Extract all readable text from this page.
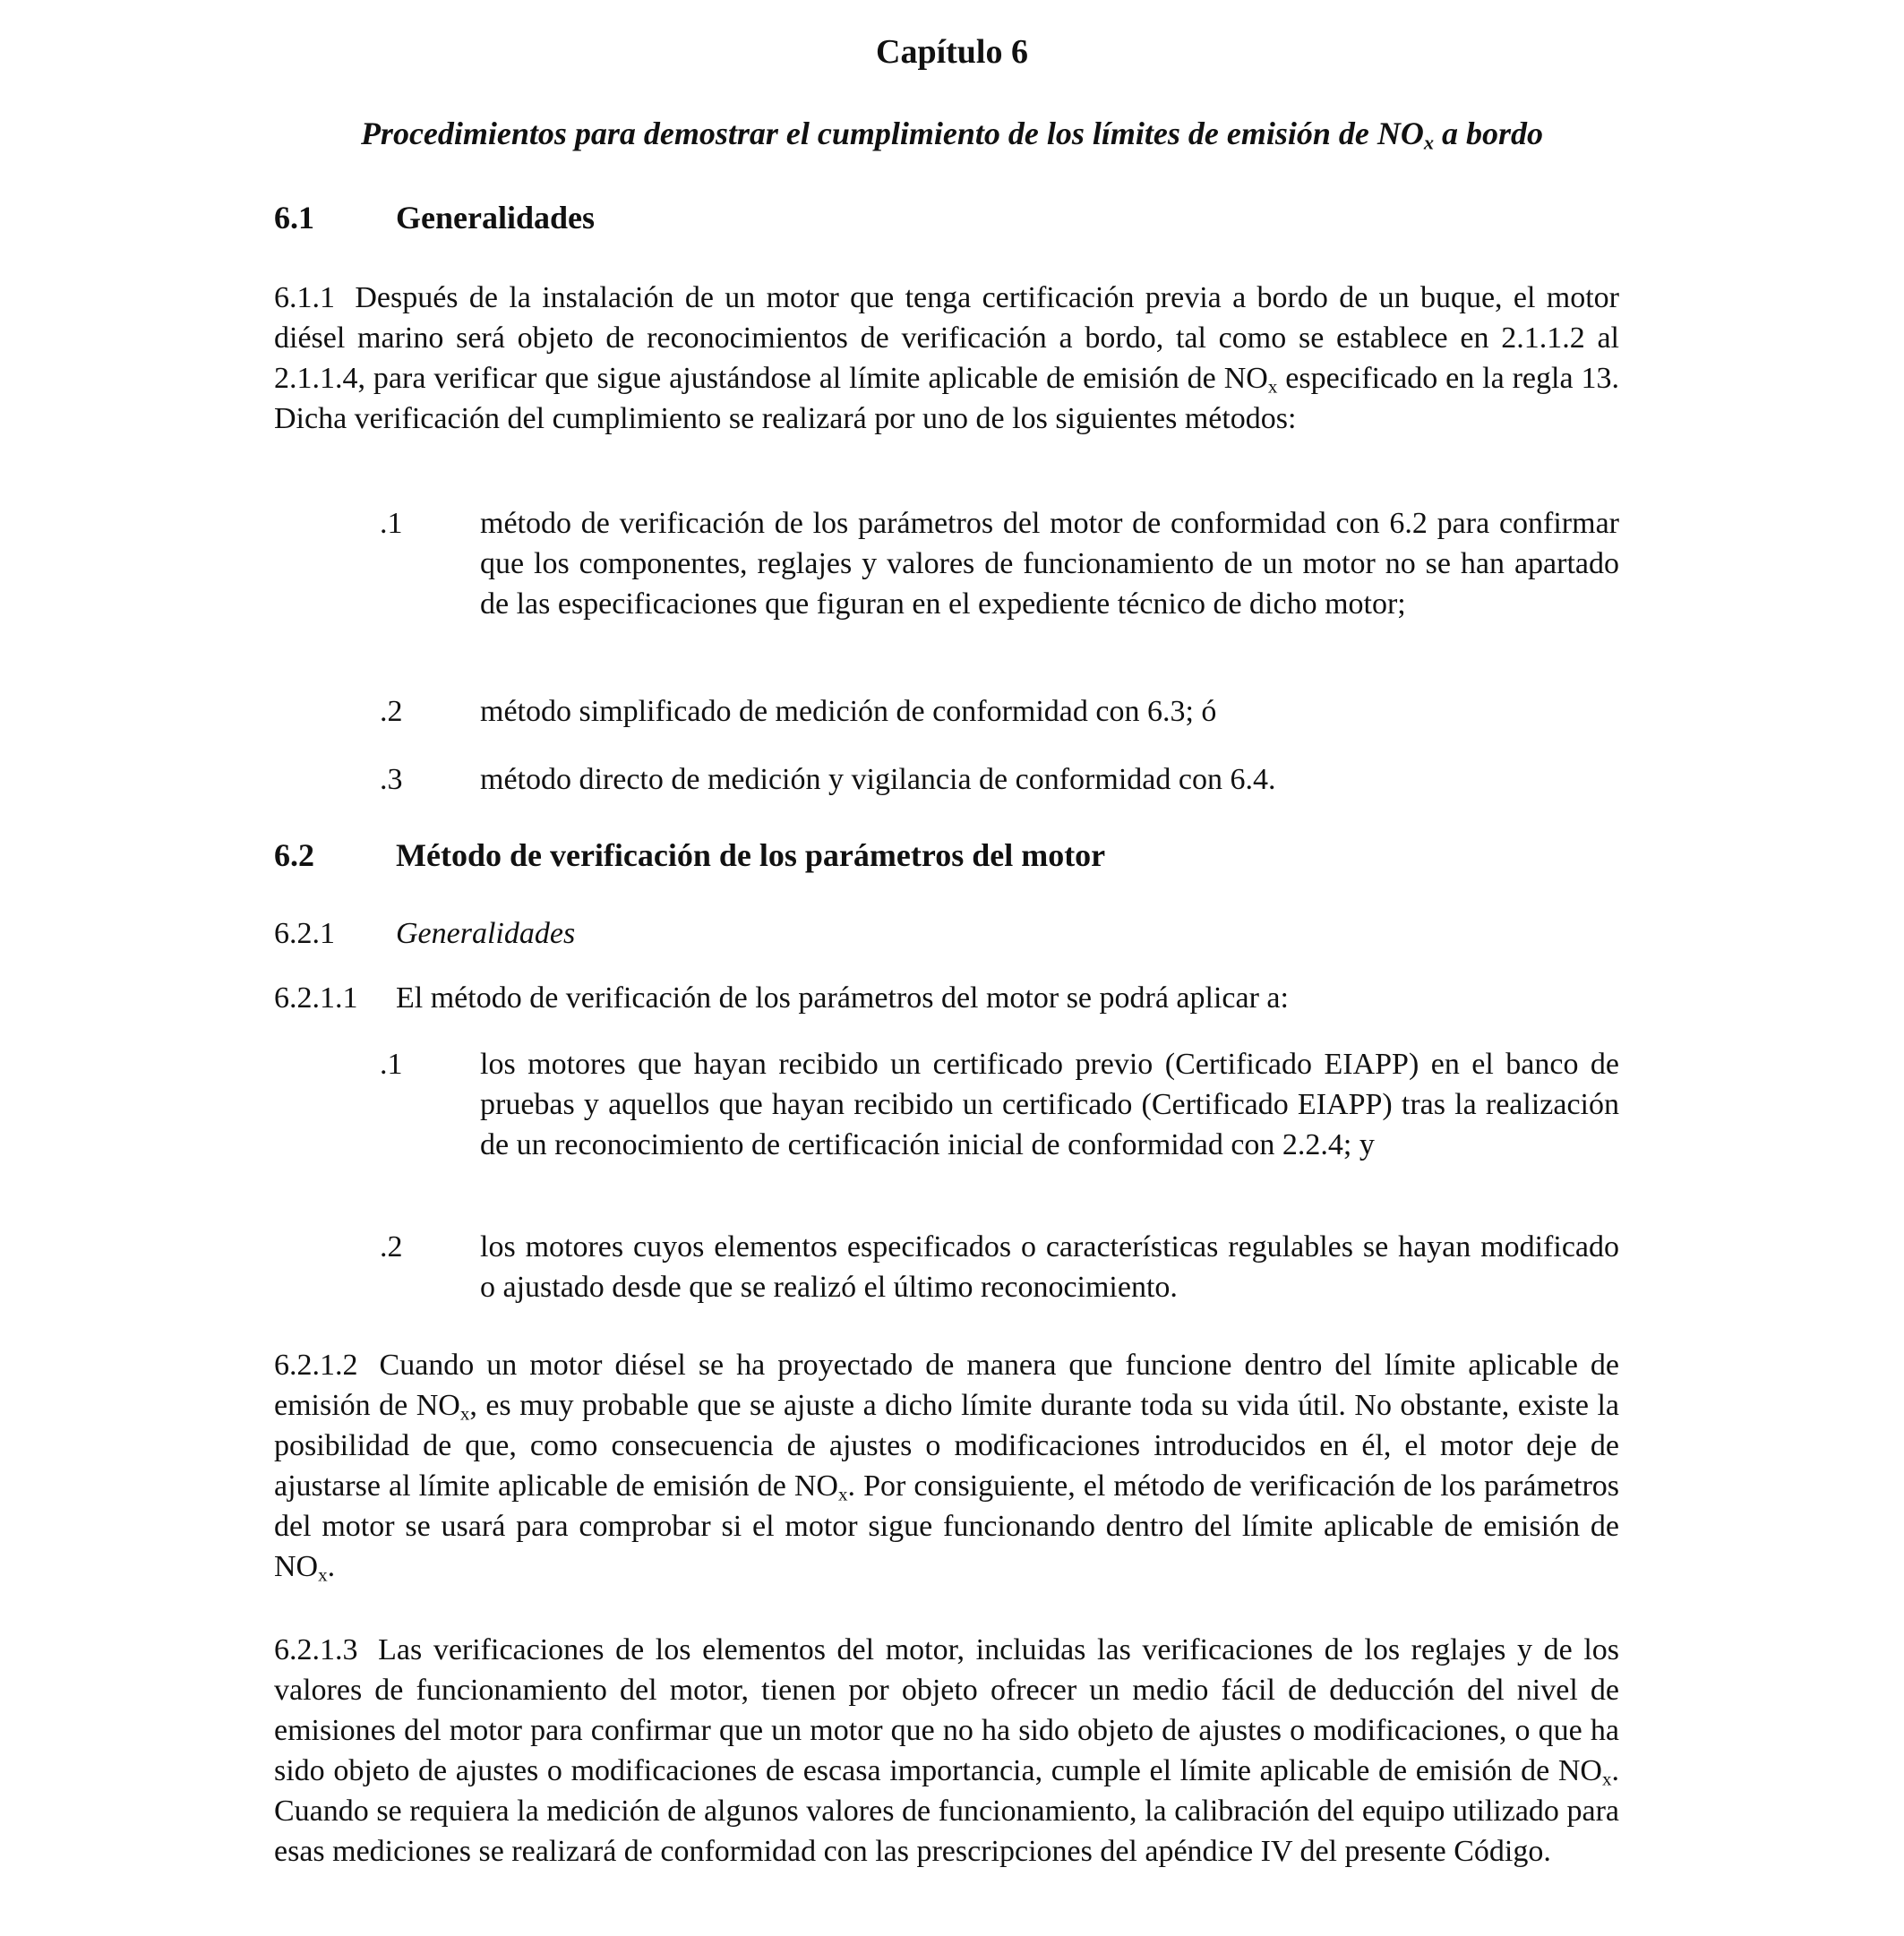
Capítulo 6
Procedimientos para demostrar el cumplimiento de los límites de emisión de $NO_x$ a bordo
6.1	Generalidades

6.1.1 Después de la instalación de un motor que tenga certificación previa a bordo de un buque, el motor diésel marino será objeto de reconocimientos de verificación a bordo, tal como se establece en 2.1.1.2 al 2.1.1.4, para verificar que sigue ajustándose al límite aplicable de emisión de $NO_x$ especificado en la regla 13. Dicha verificación del cumplimiento se realizará por uno de los siguientes métodos:

.1	método de verificación de los parámetros del motor de conformidad con 6.2 para confirmar que los componentes, reglajes y valores de funcionamiento de un motor no se han apartado de las especificaciones que figuran en el expediente técnico de dicho motor;
.2	método simplificado de medición de conformidad con 6.3; ó
.3	método directo de medición y vigilancia de conformidad con 6.4.
6.2	Método de verificación de los parámetros del motor
6.2.1 Generalidades
6.2.1.1 El método de verificación de los parámetros del motor se podrá aplicar a:
.1	los motores que hayan recibido un certificado previo (Certificado EIAPP) en el banco de pruebas y aquellos que hayan recibido un certificado (Certificado EIAPP) tras la realización de un reconocimiento de certificación inicial de conformidad con 2.2.4; y
.2	los motores cuyos elementos especificados o características regulables se hayan modificado o ajustado desde que se realizó el último reconocimiento.

6.2.1.2 Cuando un motor diésel se ha proyectado de manera que funcione dentro del límite aplicable de emisión de $NO_x$, es muy probable que se ajuste a dicho límite durante toda su vida útil. No obstante, existe la posibilidad de que, como consecuencia de ajustes o modificaciones introducidos en él, el motor deje de ajustarse al límite aplicable de emisión de $NO_x$. Por consiguiente, el método de verificación de los parámetros del motor se usará para comprobar si el motor sigue funcionando dentro del límite aplicable de emisión de $NO_x$.

6.2.1.3 Las verificaciones de los elementos del motor, incluidas las verificaciones de los reglajes y de los valores de funcionamiento del motor, tienen por objeto ofrecer un medio fácil de deducción del nivel de emisiones del motor para confirmar que un motor que no ha sido objeto de ajustes o modificaciones, o que ha sido objeto de ajustes o modificaciones de escasa importancia, cumple el límite aplicable de emisión de $NO_x$. Cuando se requiera la medición de algunos valores de funcionamiento, la calibración del equipo utilizado para esas mediciones se realizará de conformidad con las prescripciones del apéndice IV del presente Código.
